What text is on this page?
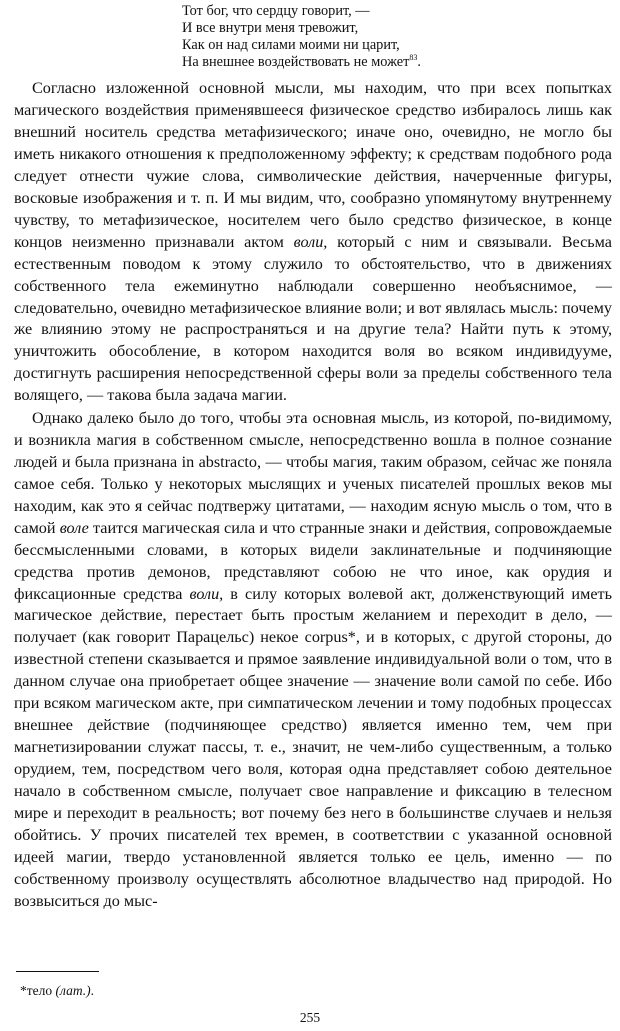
Тот бог, что сердцу говорит, —
И все внутри меня тревожит,
Как он над силами моими ни царит,
На внешнее воздействовать не может$^{83}$.

Согласно изложенной основной мысли, мы находим, что при всех попытках магического воздействия применявшееся физическое средство избиралось лишь как внешний носитель средства метафизического; иначе оно, очевидно, не могло бы иметь никакого отношения к предположенному эффекту; к средствам подобного рода следует отнести чужие слова, символические действия, начерченные фигуры, восковые изображения и т. п. И мы видим, что, сообразно упомянутому внутреннему чувству, то метафизическое, носителем чего было средство физическое, в конце концов неизменно признавали актом воли, который с ним и связывали. Весьма естественным поводом к этому служило то обстоятельство, что в движениях собственного тела ежеминутно наблюдали совершенно необъяснимое, — следовательно, очевидно метафизическое влияние воли; и вот являлась мысль: почему же влиянию этому не распространяться и на другие тела? Найти путь к этому, уничтожить обособление, в котором находится воля во всяком индивидууме, достигнуть расширения непосредственной сферы воли за пределы собственного тела волящего, — такова была задача магии.

Однако далеко было до того, чтобы эта основная мысль, из которой, по-видимому, и возникла магия в собственном смысле, непосредственно вошла в полное сознание людей и была признана in abstracto, — чтобы магия, таким образом, сейчас же поняла самое себя. Только у некоторых мыслящих и ученых писателей прошлых веков мы находим, как это я сейчас подтвержу цитатами, — находим ясную мысль о том, что в самой воле таится магическая сила и что странные знаки и действия, сопровождаемые бессмысленными словами, в которых видели заклинательные и подчиняющие средства против демонов, представляют собою не что иное, как орудия и фиксационные средства воли, в силу которых волевой акт, долженствующий иметь магическое действие, перестает быть простым желанием и переходит в дело, — получает (как говорит Парацельс) некое corpus*, и в которых, с другой стороны, до известной степени сказывается и прямое заявление индивидуальной воли о том, что в данном случае она приобретает общее значение — значение воли самой по себе. Ибо при всяком магическом акте, при симпатическом лечении и тому подобных процессах внешнее действие (подчиняющее средство) является именно тем, чем при магнетизировании служат пассы, т. е., значит, не чем-либо существенным, а только орудием, тем, посредством чего воля, которая одна представляет собою деятельное начало в собственном смысле, получает свое направление и фиксацию в телесном мире и переходит в реальность; вот почему без него в большинстве случаев и нельзя обойтись. У прочих писателей тех времен, в соответствии с указанной основной идеей магии, твердо установленной является только ее цель, именно — по собственному произволу осуществлять абсолютное владычество над природой. Но возвыситься до мыс-

*тело (лат.).
255
